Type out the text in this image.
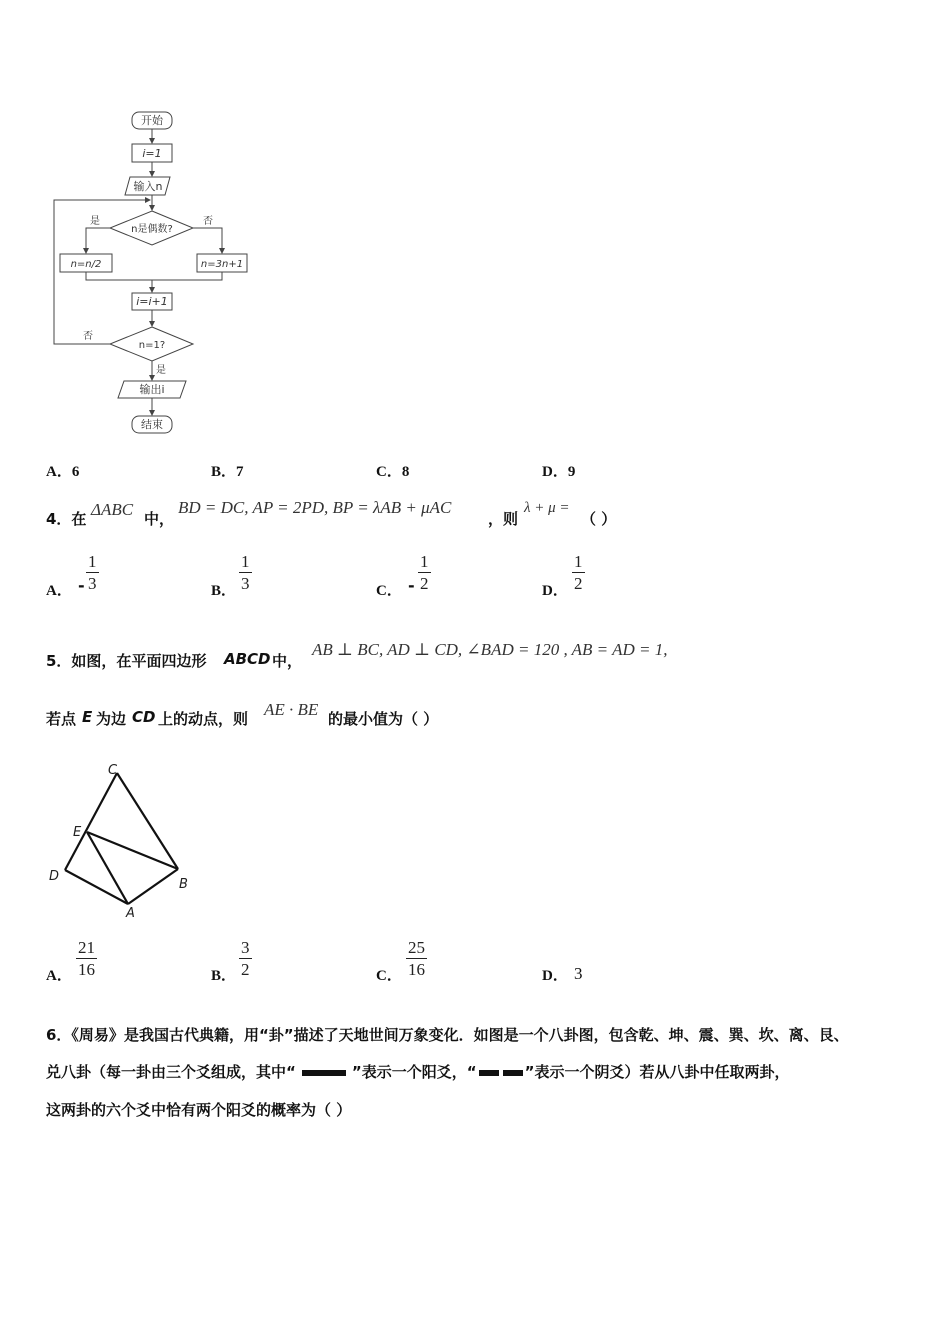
开始
i=1
输入n
n是偶数?
是	否
n=n/2	n=3n+1
i=i+1
n=1?
否
是
输出i
结束
A．6	B．7	C．8	D．9
4．在 ΔABC 中，
BD = DC, AP = 2PD, BP = λAB + μAC
，则
λ + μ =
（ ）
A． - $\frac{1}{3}$	B． $\frac{1}{3}$	C． - $\frac{1}{2}$	D． $\frac{1}{2}$
5．如图，在平面四边形 ABCD 中，
AB ⊥ BC, AD ⊥ CD, ∠BAD = 120 , AB = AD = 1,
若点 E 为边 CD 上的动点，则 AE · BE 的最小值为（ ）
C
E
D
B
A
A． $\frac{21}{16}$	B． $\frac{3}{2}$	C． $\frac{25}{16}$	D． 3
6．《周易》是我国古代典籍，用“卦”描述了天地世间万象变化．如图是一个八卦图，包含乾、坤、震、巽、坎、离、艮、
兑八卦（每一卦由三个爻组成，其中“	”表示一个阳爻，“	”表示一个阴爻）若从八卦中任取两卦，
这两卦的六个爻中恰有两个阳爻的概率为（ ）
